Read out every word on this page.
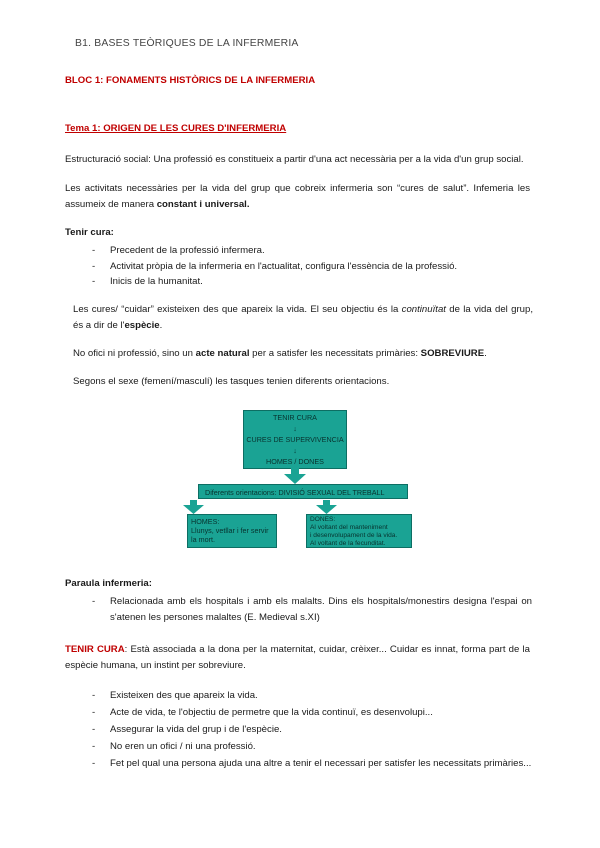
B1. BASES TEÒRIQUES DE LA INFERMERIA
BLOC 1: FONAMENTS HISTÒRICS DE LA INFERMERIA
Tema 1: ORIGEN DE LES CURES D'INFERMERIA

Estructuració social: Una professió es constitueix a partir d'una act necessària per a la vida d'un grup social.

Les activitats necessàries per la vida del grup que cobreix infermeria son “cures de salut”. Infemeria les assumeix de manera constant i universal.

Tenir cura:
- Precedent de la professió infermera.
- Activitat pròpia de la infermeria en l'actualitat, configura l'essència de la professió.
- Inicis de la humanitat.

Les cures/ “cuidar” existeixen des que apareix la vida. El seu objectiu és la continuïtat de la vida del grup, és a dir de l'espècie.

No ofici ni professió, sino un acte natural per a satisfer les necessitats primàries: SOBREVIURE.

Segons el sexe (femení/masculí) les tasques tenien diferents orientacions.

TENIR CURA
↓
CURES DE SUPERVIVENCIA
↓
HOMES / DONES
Diferents orientacions: DIVISIÓ SEXUAL DEL TREBALL
HOMES:
Llunys, vetllar i fer servir
la mort.
DONES:
Al voltant del manteniment
i desenvolupament de la vida.
Al voltant de la fecunditat.
Paraula infermeria:
- Relacionada amb els hospitals i amb els malalts. Dins els hospitals/monestirs designa l'espai on s'atenen les persones malaltes (E. Medieval s.XI)

TENIR CURA: Està associada a la dona per la maternitat, cuidar, crèixer... Cuidar es innat, forma part de la espècie humana, un instint per sobreviure.

- Existeixen des que apareix la vida.
- Acte de vida, te l'objectiu de permetre que la vida continuï, es desenvolupi...
- Assegurar la vida del grup i de l'espècie.
- No eren un ofici / ni una professió.
- Fet pel qual una persona ajuda una altre a tenir el necessari per satisfer les necessitats primàries...
